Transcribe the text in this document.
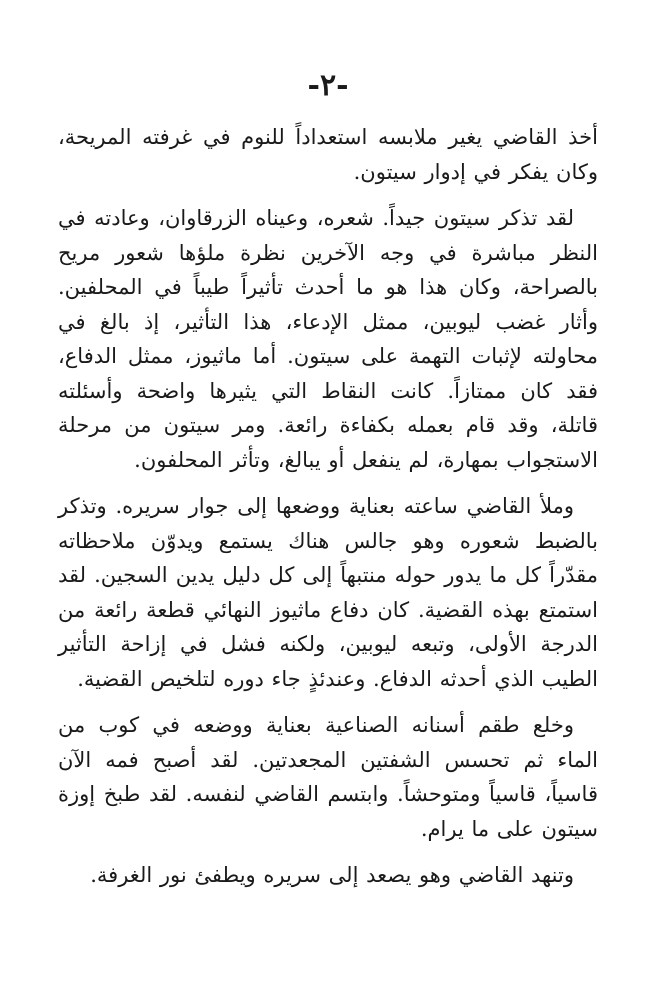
-٢-

أخذ القاضي يغير ملابسه استعداداً للنوم في غرفته المريحة، وكان يفكر في إدوار سيتون.

لقد تذكر سيتون جيداً. شعره، وعيناه الزرقاوان، وعادته في النظر مباشرة في وجه الآخرين نظرة ملؤها شعور مريح بالصراحة، وكان هذا هو ما أحدث تأثيراً طيباً في المحلفين. وأثار غضب ليوبين، ممثل الإدعاء، هذا التأثير، إذ بالغ في محاولته لإثبات التهمة على سيتون. أما ماثيوز، ممثل الدفاع، فقد كان ممتازاً. كانت النقاط التي يثيرها واضحة وأسئلته قاتلة، وقد قام بعمله بكفاءة رائعة. ومر سيتون من مرحلة الاستجواب بمهارة، لم ينفعل أو يبالغ، وتأثر المحلفون.

وملأ القاضي ساعته بعناية ووضعها إلى جوار سريره. وتذكر بالضبط شعوره وهو جالس هناك يستمع ويدوّن ملاحظاته مقدّراً كل ما يدور حوله منتبهاً إلى كل دليل يدين السجين. لقد استمتع بهذه القضية. كان دفاع ماثيوز النهائي قطعة رائعة من الدرجة الأولى، وتبعه ليوبين، ولكنه فشل في إزاحة التأثير الطيب الذي أحدثه الدفاع. وعندئذٍ جاء دوره لتلخيص القضية.

وخلع طقم أسنانه الصناعية بعناية ووضعه في كوب من الماء ثم تحسس الشفتين المجعدتين. لقد أصبح فمه الآن قاسياً، قاسياً ومتوحشاً. وابتسم القاضي لنفسه. لقد طبخ إوزة سيتون على ما يرام.

وتنهد القاضي وهو يصعد إلى سريره ويطفئ نور الغرفة.
